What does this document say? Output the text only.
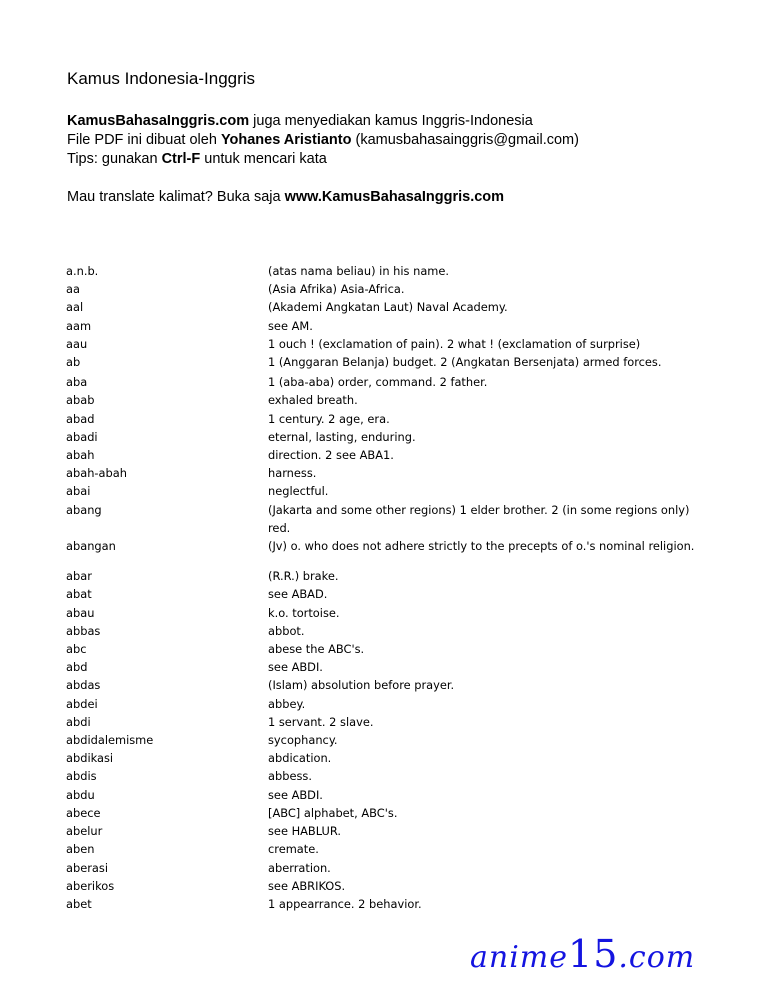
Kamus Indonesia-Inggris
KamusBahasaInggris.com juga menyediakan kamus Inggris-Indonesia
File PDF ini dibuat oleh Yohanes Aristianto (kamusbahasainggris@gmail.com)
Tips: gunakan Ctrl-F untuk mencari kata
Mau translate kalimat? Buka saja www.KamusBahasaInggris.com
a.n.b.	(atas nama beliau) in his name.
aa	(Asia Afrika) Asia-Africa.
aal	(Akademi Angkatan Laut) Naval Academy.
aam	see AM.
aau	1 ouch ! (exclamation of pain). 2 what ! (exclamation of surprise)
ab	1 (Anggaran Belanja) budget. 2 (Angkatan Bersenjata) armed forces.
aba	1 (aba-aba) order, command. 2 father.
abab	exhaled breath.
abad	1 century. 2 age, era.
abadi	eternal, lasting, enduring.
abah	direction. 2 see ABA1.
abah-abah	harness.
abai	neglectful.
abang	(Jakarta and some other regions) 1 elder brother. 2 (in some regions only) red.
abangan	(Jv) o. who does not adhere strictly to the precepts of o.'s nominal religion.
abar	(R.R.) brake.
abat	see ABAD.
abau	k.o. tortoise.
abbas	abbot.
abc	abese the ABC's.
abd	see ABDI.
abdas	(Islam) absolution before prayer.
abdei	abbey.
abdi	1 servant. 2 slave.
abdidalemisme	sycophancy.
abdikasi	abdication.
abdis	abbess.
abdu	see ABDI.
abece	[ABC] alphabet, ABC's.
abelur	see HABLUR.
aben	cremate.
aberasi	aberration.
aberikos	see ABRIKOS.
abet	1 appearrance. 2 behavior.
anime15.com
